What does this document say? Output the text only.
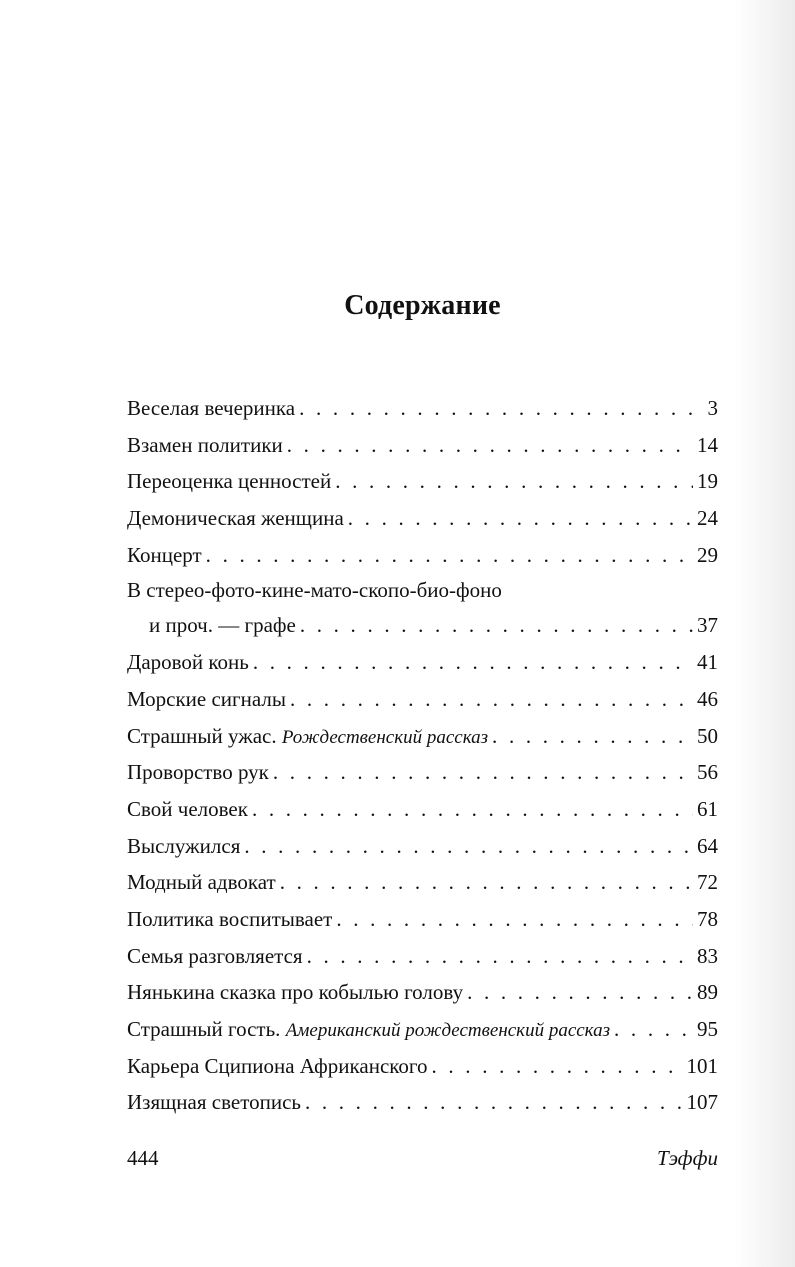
Содержание
Веселая вечеринка . . .	3
Взамен политики . . .	14
Переоценка ценностей . . .	19
Демоническая женщина . . .	24
Концерт . . .	29
В стерео-фото-кине-мато-скопо-био-фоно
и проч. — графе . . .	37
Даровой конь . . .	41
Морские сигналы . . .	46
Страшный ужас. Рождественский рассказ . . .	50
Проворство рук . . .	56
Свой человек . . .	61
Выслужился . . .	64
Модный адвокат . . .	72
Политика воспитывает . . .	78
Семья разговляется . . .	83
Нянькина сказка про кобылью голову . . .	89
Страшный гость. Американский рождественский рассказ . . .	95
Карьера Сципиона Африканского . . .	101
Изящная светопись . . .	107
444	Тэффи
